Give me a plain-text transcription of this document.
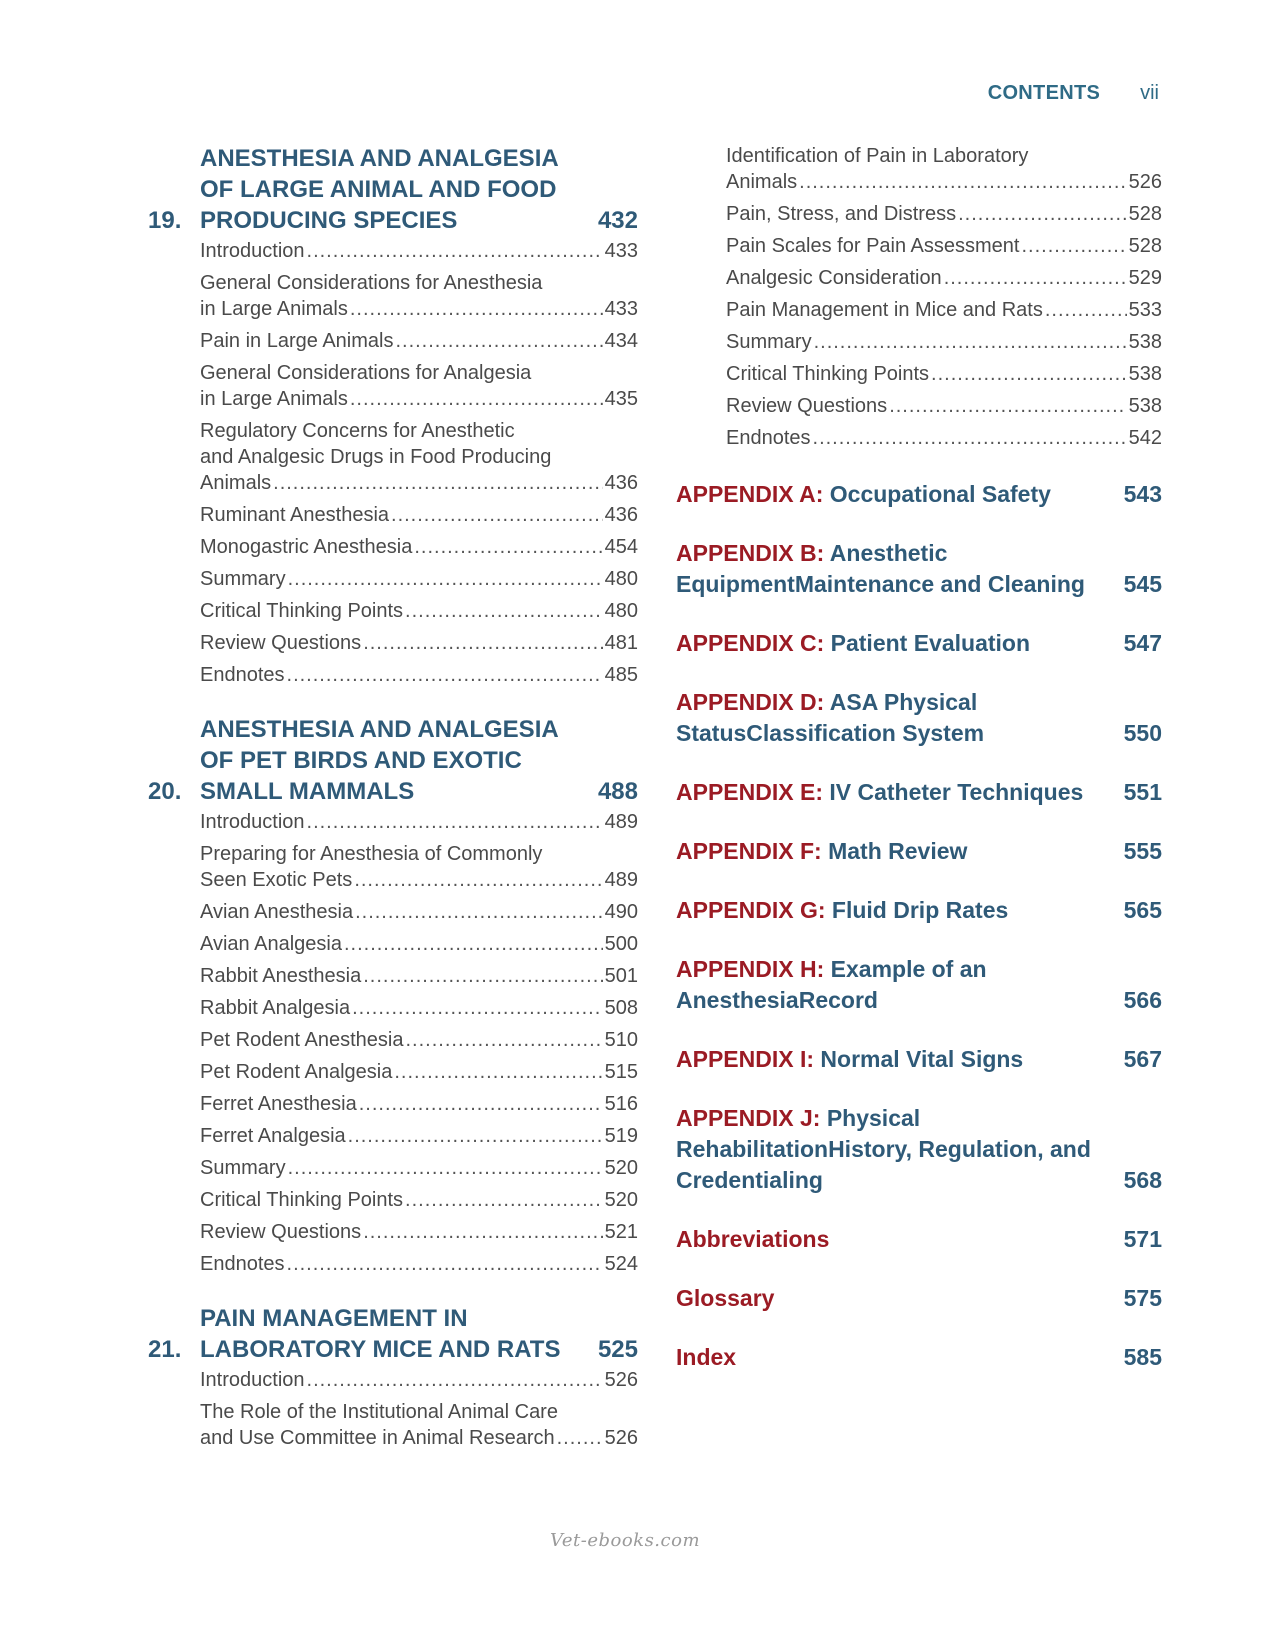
CONTENTS vii
19.
ANESTHESIA AND ANALGESIA
OF LARGE ANIMAL AND FOOD
PRODUCING SPECIES	432
Introduction .....	433
General Considerations for Anesthesia
in Large Animals .....	433
Pain in Large Animals .....	434
General Considerations for Analgesia
in Large Animals .....	435
Regulatory Concerns for Anesthetic
and Analgesic Drugs in Food Producing
Animals .....	436
Ruminant Anesthesia .....	436
Monogastric Anesthesia .....	454
Summary .....	480
Critical Thinking Points .....	480
Review Questions .....	481
Endnotes .....	485
20.
ANESTHESIA AND ANALGESIA
OF PET BIRDS AND EXOTIC
SMALL MAMMALS	488
Introduction .....	489
Preparing for Anesthesia of Commonly
Seen Exotic Pets .....	489
Avian Anesthesia .....	490
Avian Analgesia .....	500
Rabbit Anesthesia .....	501
Rabbit Analgesia .....	508
Pet Rodent Anesthesia .....	510
Pet Rodent Analgesia .....	515
Ferret Anesthesia .....	516
Ferret Analgesia .....	519
Summary .....	520
Critical Thinking Points .....	520
Review Questions .....	521
Endnotes .....	524
21.
PAIN MANAGEMENT IN
LABORATORY MICE AND RATS	525
Introduction .....	526
The Role of the Institutional Animal Care
and Use Committee in Animal Research .....	526
Identification of Pain in Laboratory
Animals .....	526
Pain, Stress, and Distress .....	528
Pain Scales for Pain Assessment .....	528
Analgesic Consideration .....	529
Pain Management in Mice and Rats .....	533
Summary .....	538
Critical Thinking Points .....	538
Review Questions .....	538
Endnotes .....	542
APPENDIX A: Occupational Safety	543
APPENDIX B: Anesthetic EquipmentMaintenance and Cleaning	545
APPENDIX C: Patient Evaluation	547
APPENDIX D: ASA Physical StatusClassification System	550
APPENDIX E: IV Catheter Techniques	551
APPENDIX F: Math Review	555
APPENDIX G: Fluid Drip Rates	565
APPENDIX H: Example of an AnesthesiaRecord	566
APPENDIX I: Normal Vital Signs	567
APPENDIX J: Physical RehabilitationHistory, Regulation, and Credentialing	568
Abbreviations	571
Glossary	575
Index	585
Vet-ebooks.com
